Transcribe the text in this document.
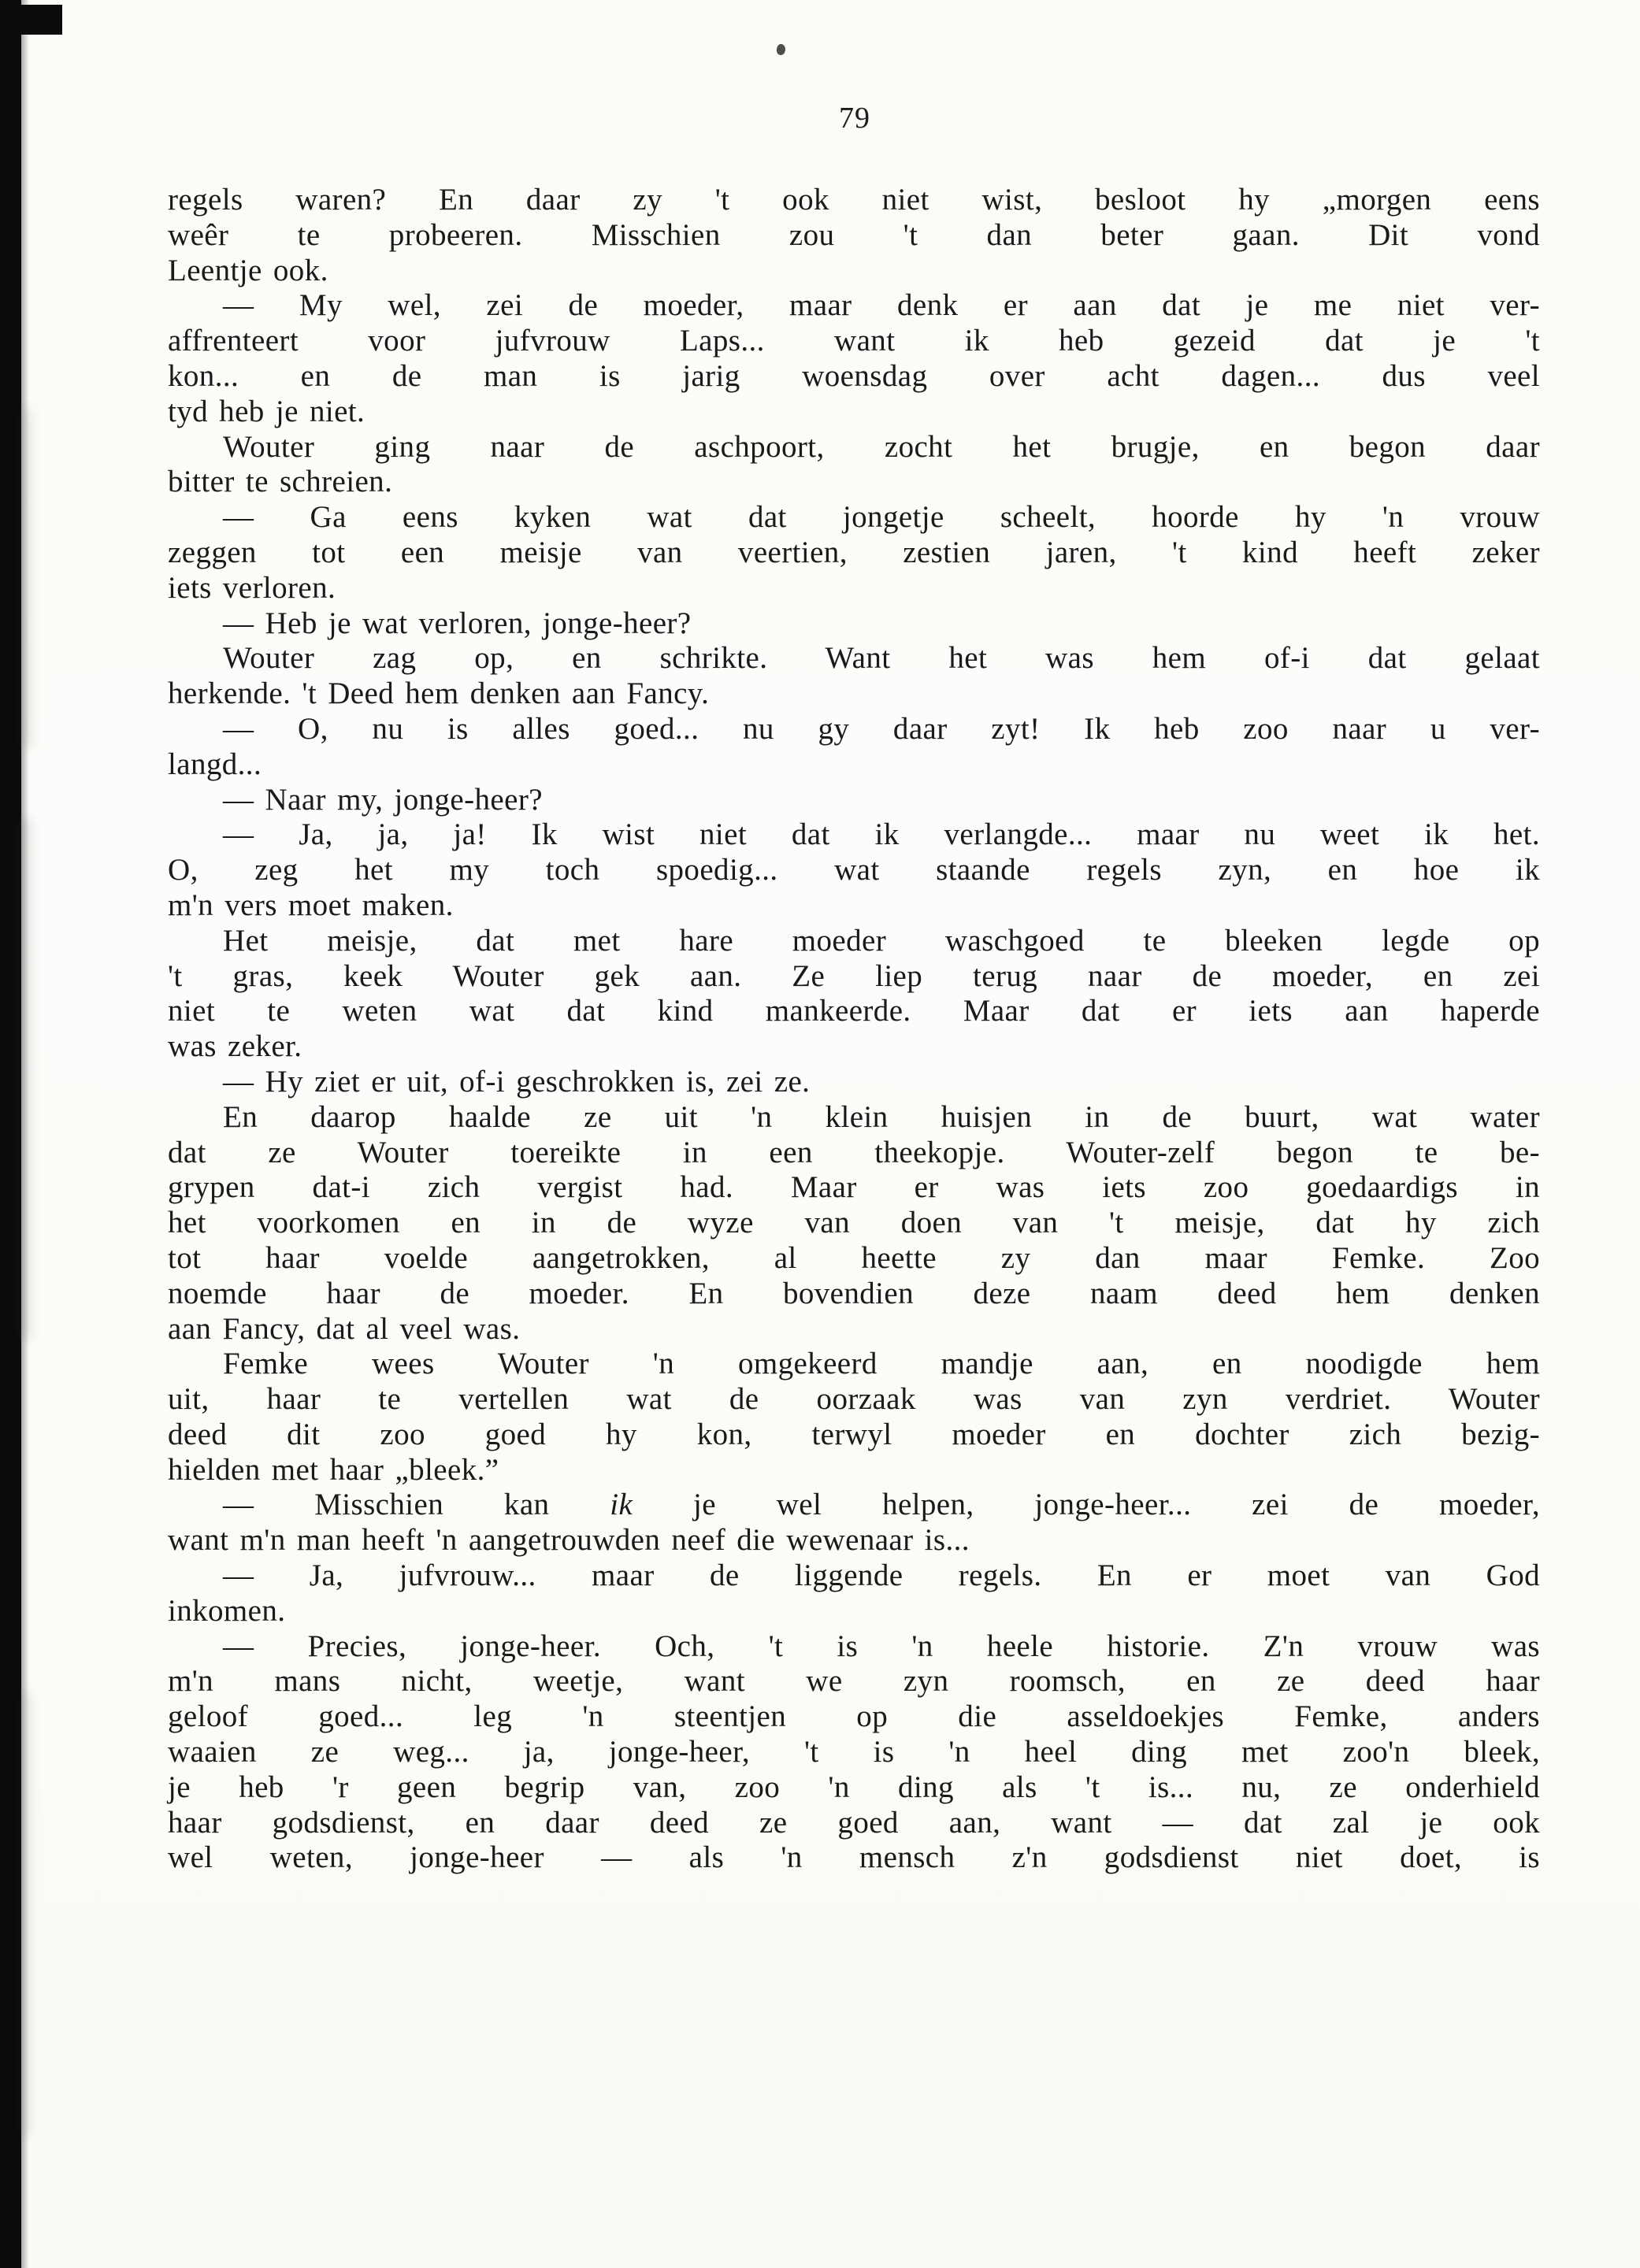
79
regels waren? En daar zy 't ook niet wist, besloot hy „morgen eens
weêr te probeeren. Misschien zou 't dan beter gaan. Dit vond
Leentje ook.
— My wel, zei de moeder, maar denk er aan dat je me niet ver-
affrenteert voor jufvrouw Laps... want ik heb gezeid dat je 't
kon... en de man is jarig woensdag over acht dagen... dus veel
tyd heb je niet.
Wouter ging naar de aschpoort, zocht het brugje, en begon daar
bitter te schreien.
— Ga eens kyken wat dat jongetje scheelt, hoorde hy 'n vrouw
zeggen tot een meisje van veertien, zestien jaren, 't kind heeft zeker
iets verloren.
— Heb je wat verloren, jonge-heer?
Wouter zag op, en schrikte. Want het was hem of-i dat gelaat
herkende. 't Deed hem denken aan Fancy.
— O, nu is alles goed... nu gy daar zyt! Ik heb zoo naar u ver-
langd...
— Naar my, jonge-heer?
— Ja, ja, ja! Ik wist niet dat ik verlangde... maar nu weet ik het.
O, zeg het my toch spoedig... wat staande regels zyn, en hoe ik
m'n vers moet maken.
Het meisje, dat met hare moeder waschgoed te bleeken legde op
't gras, keek Wouter gek aan. Ze liep terug naar de moeder, en zei
niet te weten wat dat kind mankeerde. Maar dat er iets aan haperde
was zeker.
— Hy ziet er uit, of-i geschrokken is, zei ze.
En daarop haalde ze uit 'n klein huisjen in de buurt, wat water
dat ze Wouter toereikte in een theekopje. Wouter-zelf begon te be-
grypen dat-i zich vergist had. Maar er was iets zoo goedaardigs in
het voorkomen en in de wyze van doen van 't meisje, dat hy zich
tot haar voelde aangetrokken, al heette zy dan maar Femke. Zoo
noemde haar de moeder. En bovendien deze naam deed hem denken
aan Fancy, dat al veel was.
Femke wees Wouter 'n omgekeerd mandje aan, en noodigde hem
uit, haar te vertellen wat de oorzaak was van zyn verdriet. Wouter
deed dit zoo goed hy kon, terwyl moeder en dochter zich bezig-
hielden met haar „bleek.”
— Misschien kan ik je wel helpen, jonge-heer... zei de moeder,
want m'n man heeft 'n aangetrouwden neef die wewenaar is...
— Ja, jufvrouw... maar de liggende regels. En er moet van God
inkomen.
— Precies, jonge-heer. Och, 't is 'n heele historie. Z'n vrouw was
m'n mans nicht, weetje, want we zyn roomsch, en ze deed haar
geloof goed... leg 'n steentjen op die asseldoekjes Femke, anders
waaien ze weg... ja, jonge-heer, 't is 'n heel ding met zoo'n bleek,
je heb 'r geen begrip van, zoo 'n ding als 't is... nu, ze onderhield
haar godsdienst, en daar deed ze goed aan, want — dat zal je ook
wel weten, jonge-heer — als 'n mensch z'n godsdienst niet doet, is
